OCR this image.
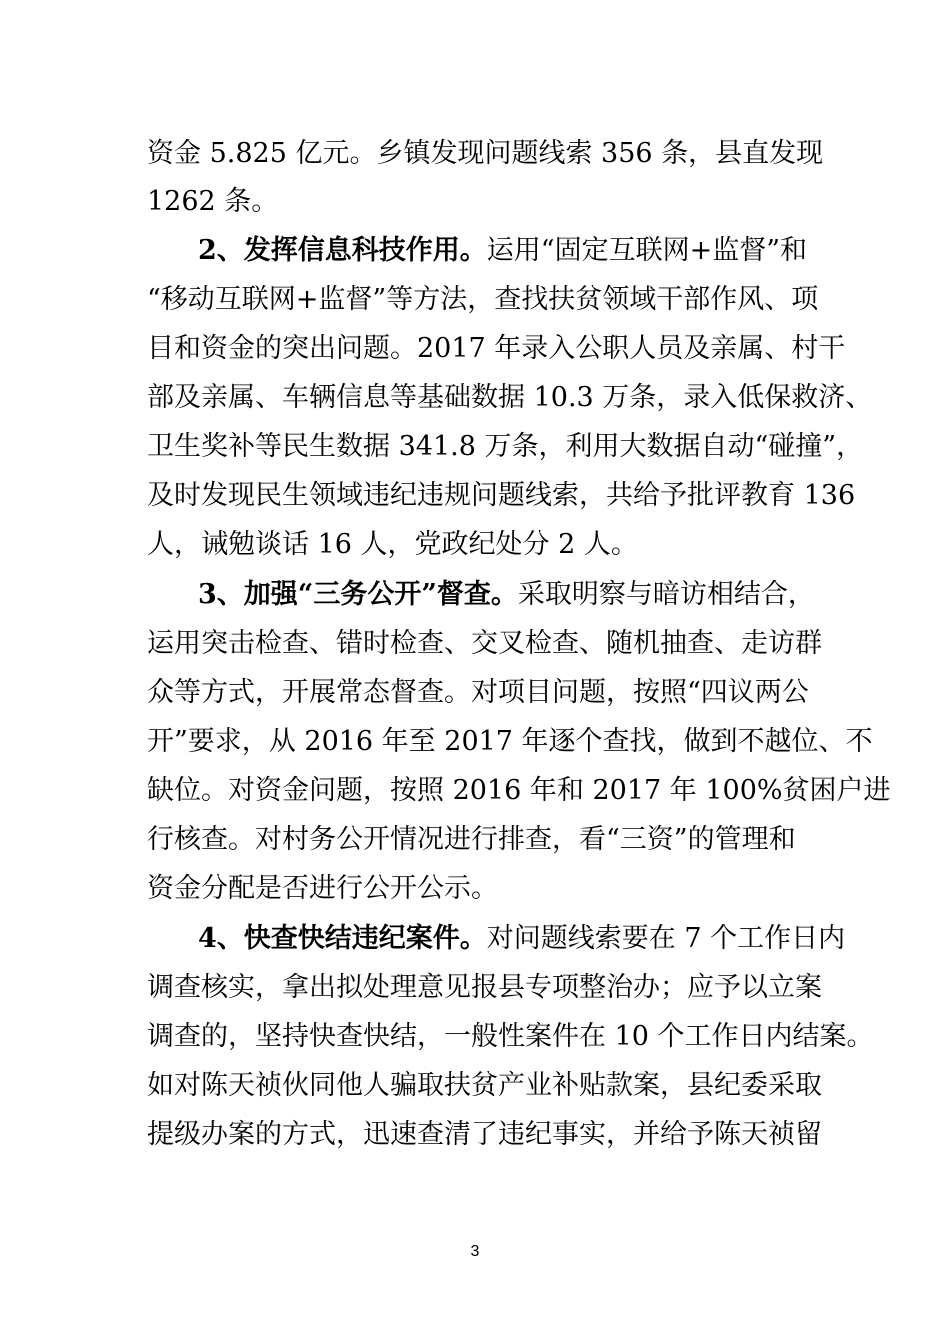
资金 5.825 亿元。乡镇发现问题线索 356 条，县直发现
1262 条。
2、发挥信息科技作用。运用“固定互联网+监督”和
“移动互联网+监督”等方法，查找扶贫领域干部作风、项
目和资金的突出问题。2017 年录入公职人员及亲属、村干
部及亲属、车辆信息等基础数据 10.3 万条，录入低保救济、
卫生奖补等民生数据 341.8 万条，利用大数据自动“碰撞”，
及时发现民生领域违纪违规问题线索，共给予批评教育 136
人，诫勉谈话 16 人，党政纪处分 2 人。
3、加强“三务公开”督查。采取明察与暗访相结合，
运用突击检查、错时检查、交叉检查、随机抽查、走访群
众等方式，开展常态督查。对项目问题，按照“四议两公
开”要求，从 2016 年至 2017 年逐个查找，做到不越位、不
缺位。对资金问题，按照 2016 年和 2017 年 100%贫困户进
行核查。对村务公开情况进行排查，看“三资”的管理和
资金分配是否进行公开公示。
4、快查快结违纪案件。对问题线索要在 7 个工作日内
调查核实，拿出拟处理意见报县专项整治办；应予以立案
调查的，坚持快查快结，一般性案件在 10 个工作日内结案。
如对陈天祯伙同他人骗取扶贫产业补贴款案，县纪委采取
提级办案的方式，迅速查清了违纪事实，并给予陈天祯留
3
